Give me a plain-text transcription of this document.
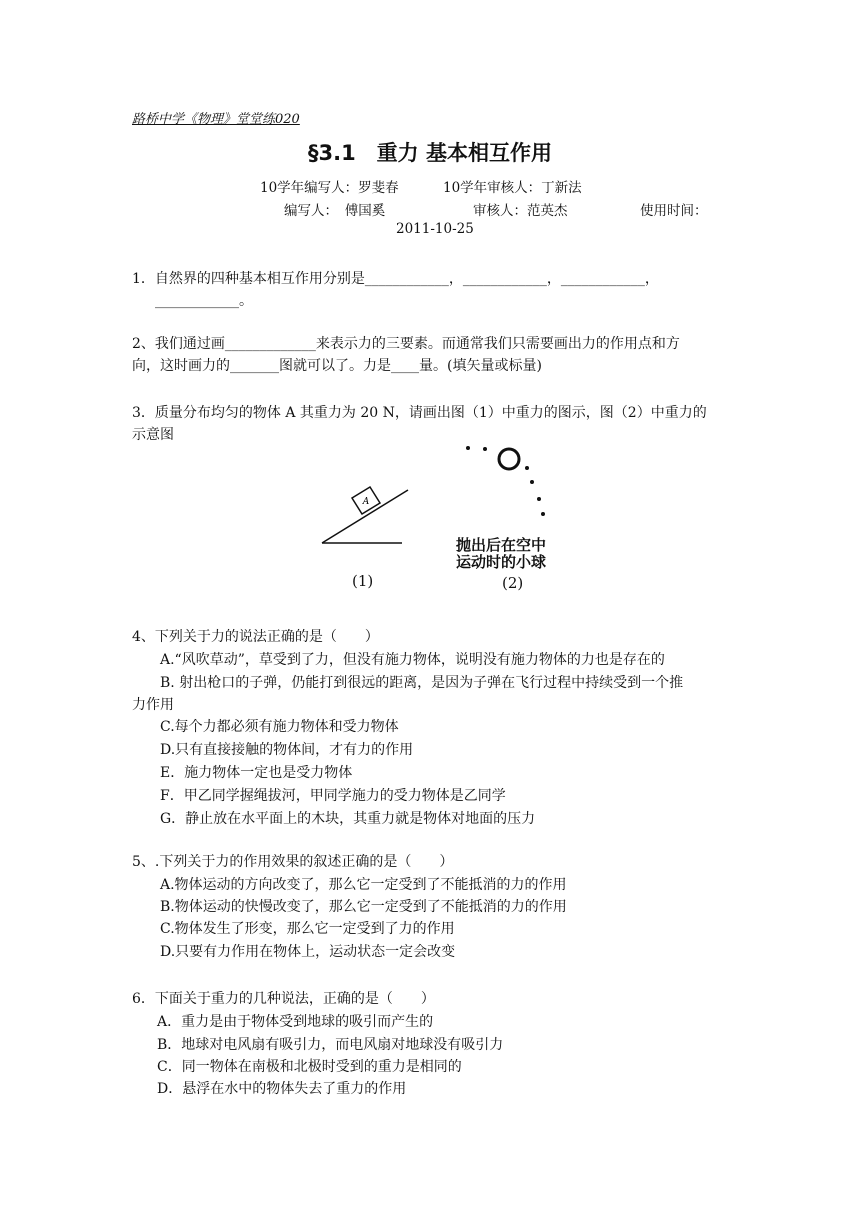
路桥中学《物理》堂堂练020
§3.1　重力 基本相互作用
10学年编写人：罗斐春	10学年审核人：丁新法
编写人：　傅国奚	审核人：范英杰	使用时间：
2011-10-25
1．自然界的四种基本相互作用分别是____________，____________，____________，
____________。
2、我们通过画_____________来表示力的三要素。而通常我们只需要画出力的作用点和方
向，这时画力的_______图就可以了。力是____量。(填矢量或标量)
3．质量分布均匀的物体 A 其重力为 20 N，请画出图（1）中重力的图示，图（2）中重力的
示意图
A
(1)	(2)
抛出后在空中
运动时的小球
4、下列关于力的说法正确的是（　　）
A.“风吹草动”，草受到了力，但没有施力物体，说明没有施力物体的力也是存在的
B. 射出枪口的子弹，仍能打到很远的距离，是因为子弹在飞行过程中持续受到一个推
力作用
C.每个力都必须有施力物体和受力物体
D.只有直接接触的物体间，才有力的作用
E．施力物体一定也是受力物体
F．甲乙同学握绳拔河，甲同学施力的受力物体是乙同学
G．静止放在水平面上的木块，其重力就是物体对地面的压力
5、.下列关于力的作用效果的叙述正确的是（　　）
A.物体运动的方向改变了，那么它一定受到了不能抵消的力的作用
B.物体运动的快慢改变了，那么它一定受到了不能抵消的力的作用
C.物体发生了形变，那么它一定受到了力的作用
D.只要有力作用在物体上，运动状态一定会改变
6．下面关于重力的几种说法，正确的是（　　）
A．重力是由于物体受到地球的吸引而产生的
B．地球对电风扇有吸引力，而电风扇对地球没有吸引力
C．同一物体在南极和北极时受到的重力是相同的
D．悬浮在水中的物体失去了重力的作用
